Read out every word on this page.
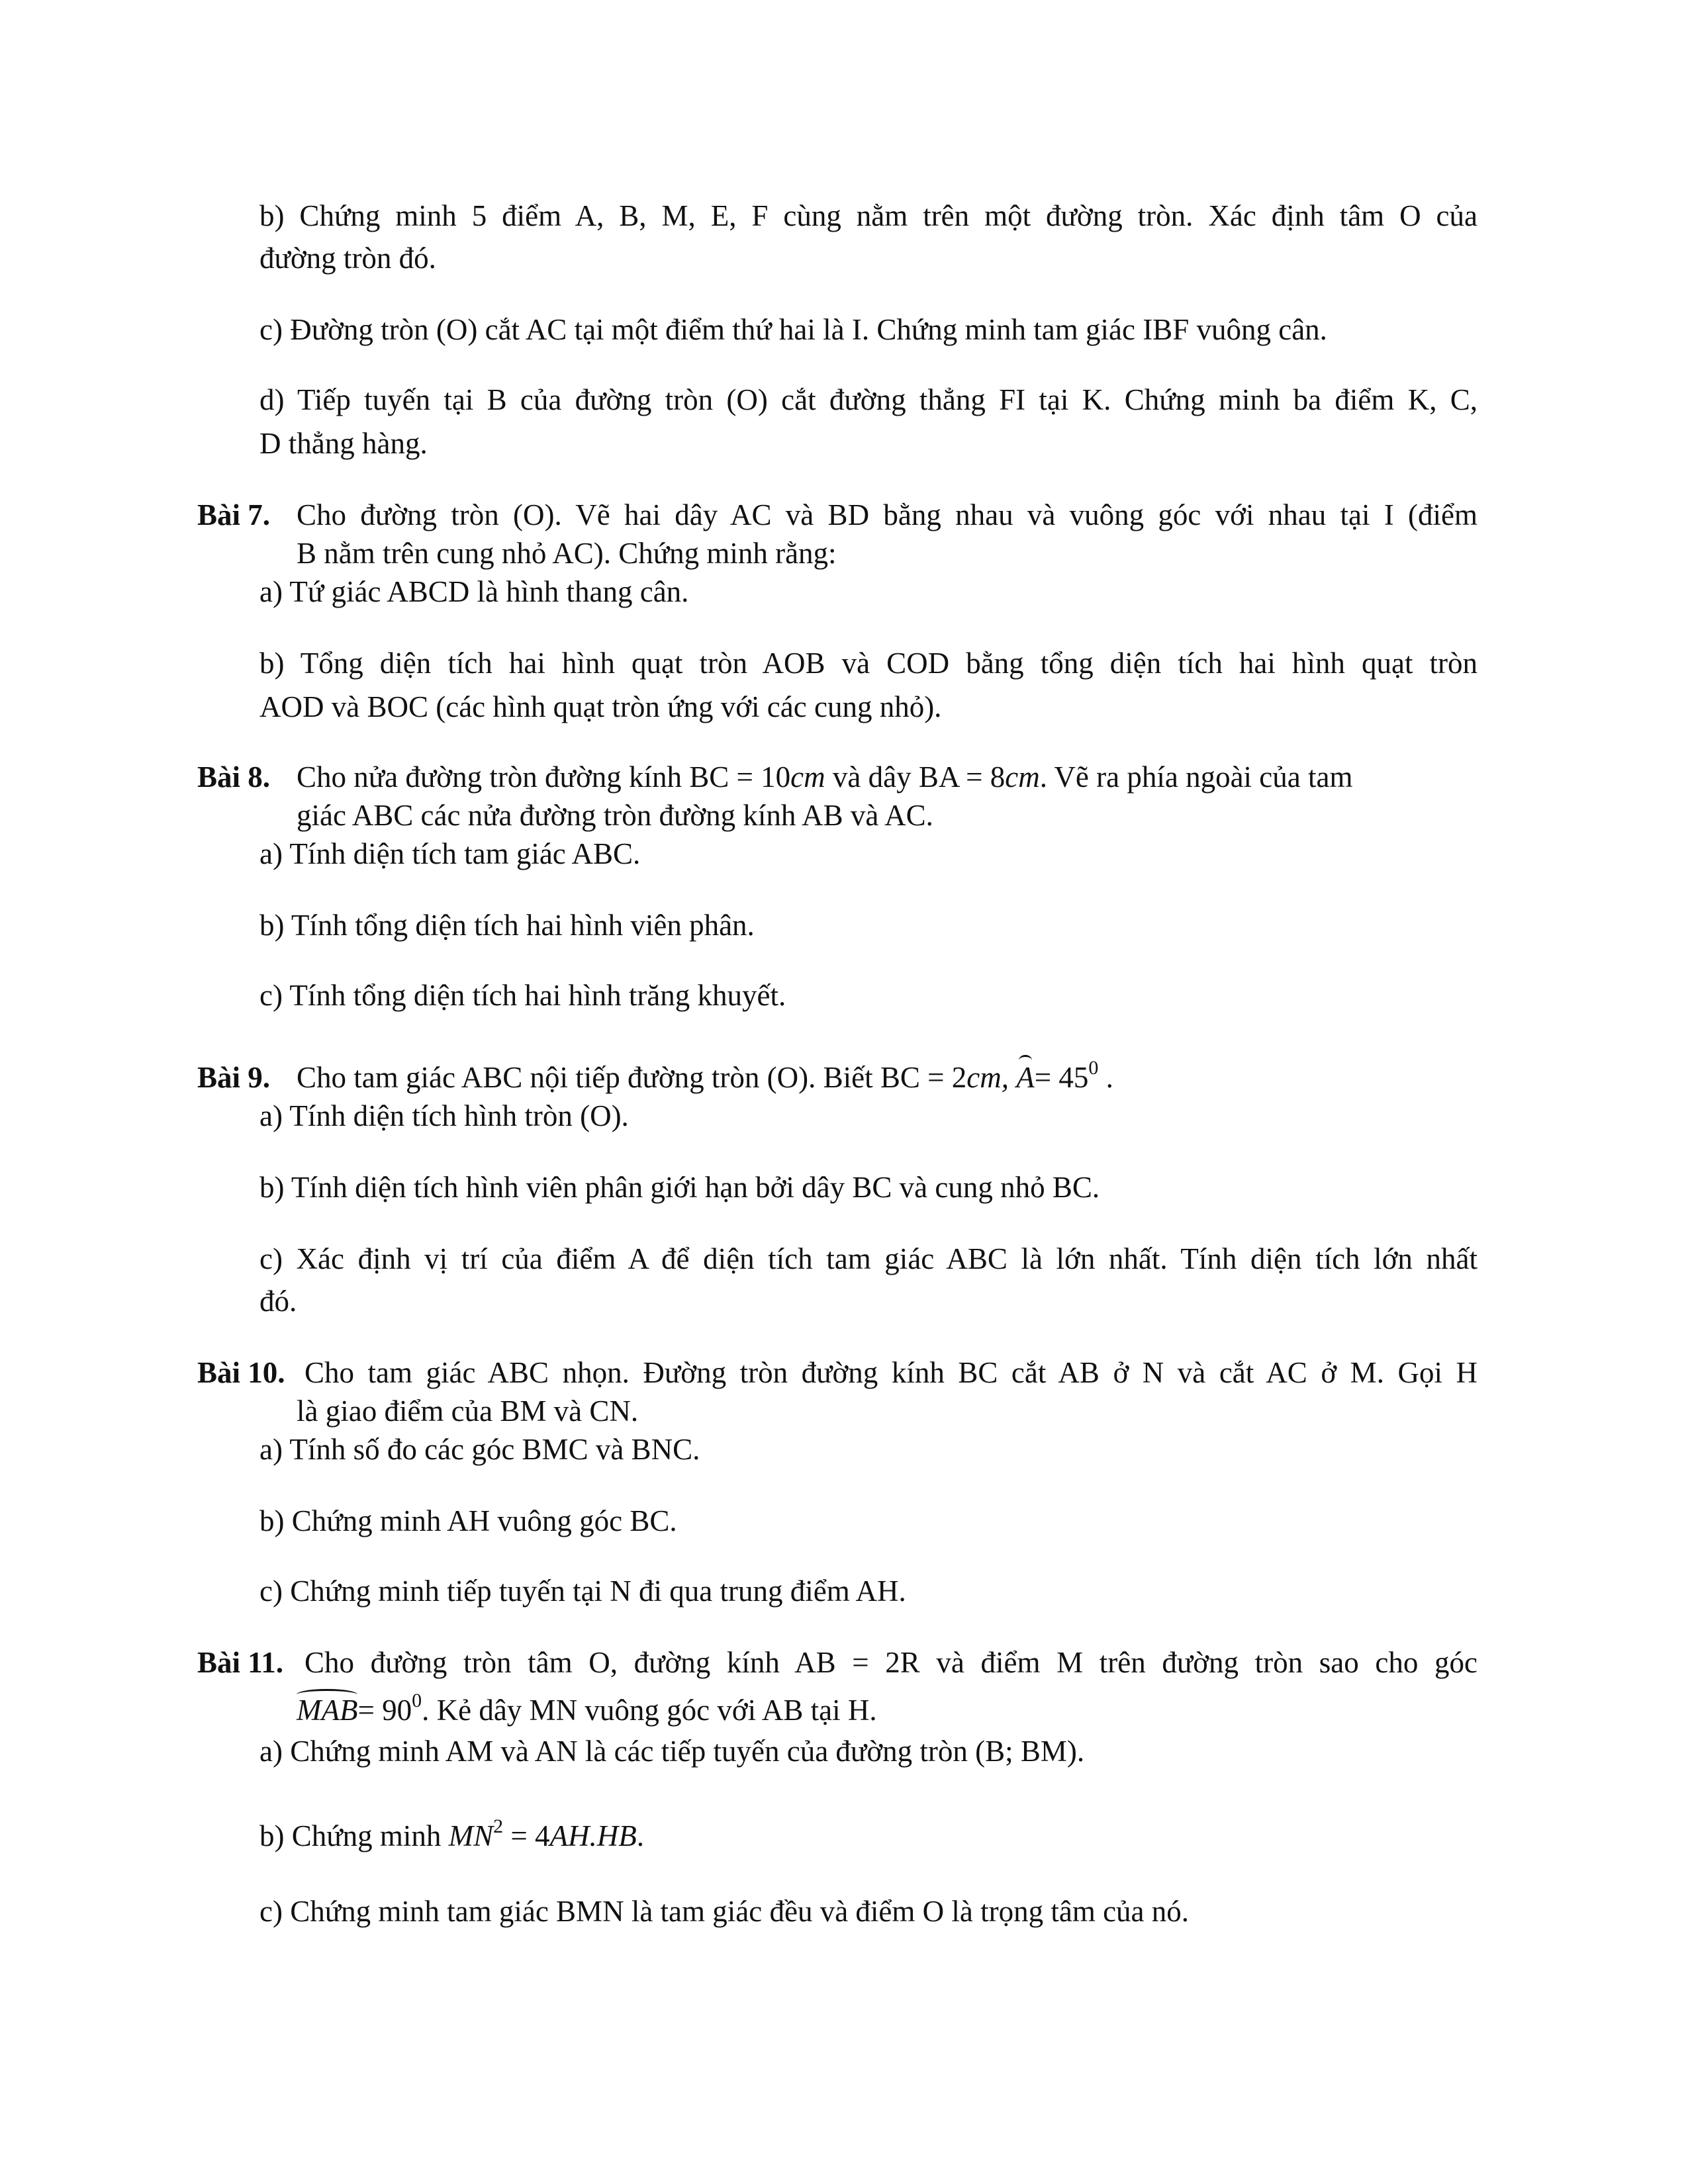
b) Chứng minh 5 điểm A, B, M, E, F cùng nằm trên một đường tròn. Xác định tâm O của
đường tròn đó.
c) Đường tròn (O) cắt AC tại một điểm thứ hai là I. Chứng minh tam giác IBF vuông cân.
d) Tiếp tuyến tại B của đường tròn (O) cắt đường thẳng FI tại K. Chứng minh ba điểm K, C,
D thẳng hàng.
Bài 7. Cho đường tròn (O). Vẽ hai dây AC và BD bằng nhau và vuông góc với nhau tại I (điểm
B nằm trên cung nhỏ AC). Chứng minh rằng:
a) Tứ giác ABCD là hình thang cân.
b) Tổng diện tích hai hình quạt tròn AOB và COD bằng tổng diện tích hai hình quạt tròn
AOD và BOC (các hình quạt tròn ứng với các cung nhỏ).
Bài 8. Cho nửa đường tròn đường kính BC = 10cm và dây BA = 8cm. Vẽ ra phía ngoài của tam
giác ABC các nửa đường tròn đường kính AB và AC.
a) Tính diện tích tam giác ABC.
b) Tính tổng diện tích hai hình viên phân.
c) Tính tổng diện tích hai hình trăng khuyết.
Bài 9. Cho tam giác ABC nội tiếp đường tròn (O). Biết BC = 2cm, $A= 45^0$ .
a) Tính diện tích hình tròn (O).
b) Tính diện tích hình viên phân giới hạn bởi dây BC và cung nhỏ BC.
c) Xác định vị trí của điểm A để diện tích tam giác ABC là lớn nhất. Tính diện tích lớn nhất
đó.
Bài 10. Cho tam giác ABC nhọn. Đường tròn đường kính BC cắt AB ở N và cắt AC ở M. Gọi H
là giao điểm của BM và CN.
a) Tính số đo các góc BMC và BNC.
b) Chứng minh AH vuông góc BC.
c) Chứng minh tiếp tuyến tại N đi qua trung điểm AH.
Bài 11. Cho đường tròn tâm O, đường kính AB = 2R và điểm M trên đường tròn sao cho góc
$MAB= 90^0$. Kẻ dây MN vuông góc với AB tại H.
a) Chứng minh AM và AN là các tiếp tuyến của đường tròn (B; BM).
b) Chứng minh $MN^2 = 4AH.HB$.
c) Chứng minh tam giác BMN là tam giác đều và điểm O là trọng tâm của nó.
